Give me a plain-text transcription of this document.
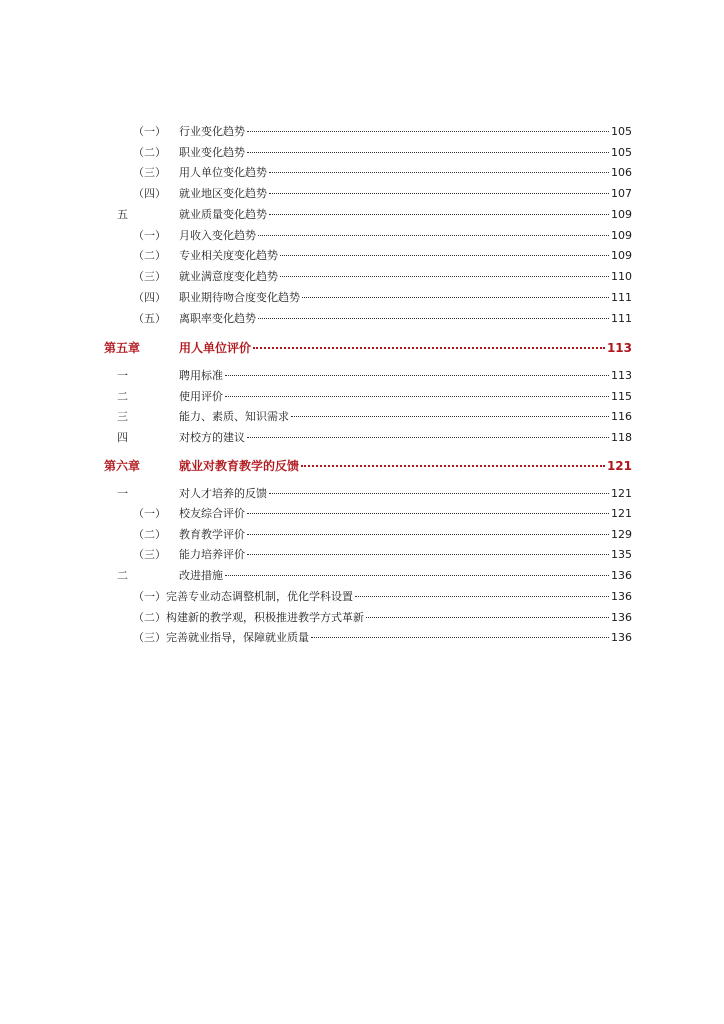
（一）	行业变化趋势	105
（二）	职业变化趋势	105
（三）	用人单位变化趋势	106
（四）	就业地区变化趋势	107
五	就业质量变化趋势	109
（一）	月收入变化趋势	109
（二）	专业相关度变化趋势	109
（三）	就业满意度变化趋势	110
（四）	职业期待吻合度变化趋势	111
（五）	离职率变化趋势	111
第五章	用人单位评价	113
一	聘用标准	113
二	使用评价	115
三	能力、素质、知识需求	116
四	对校方的建议	118
第六章	就业对教育教学的反馈	121
一	对人才培养的反馈	121
（一）	校友综合评价	121
（二）	教育教学评价	129
（三）	能力培养评价	135
二	改进措施	136
（一） 完善专业动态调整机制，优化学科设置	136
（二） 构建新的教学观，积极推进教学方式革新	136
（三） 完善就业指导，保障就业质量	136
